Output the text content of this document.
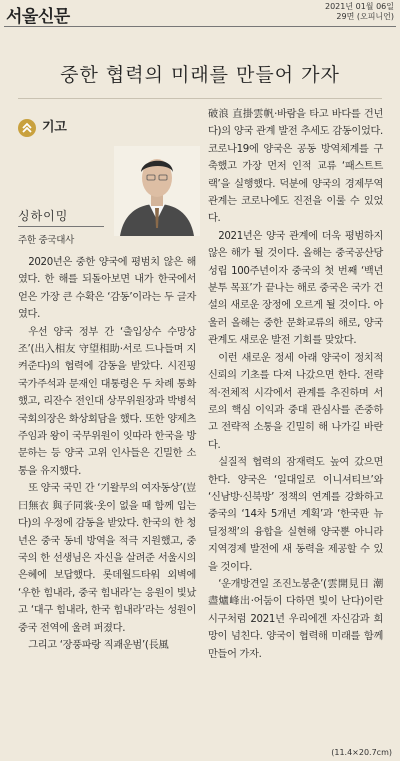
서울신문
2021년 01월 06일
29면 (오피니언)
중한 협력의 미래를 만들어 가자
기고
싱하이밍
주한 중국대사

2020년은 중한 양국에 평범치 않은 해였다. 한 해를 되돌아보면 내가 한국에서 얻은 가장 큰 수확은 ‘감동’이라는 두 글자였다.

우선 양국 정부 간 ‘출입상수 수망상조’(出入相友 守望相助·서로 드나들며 지켜준다)의 협력에 감동을 받았다. 시진핑 국가주석과 문재인 대통령은 두 차례 통화했고, 리잔수 전인대 상무위원장과 박병석 국회의장은 화상회담을 했다. 또한 양제츠 주임과 왕이 국무위원이 잇따라 한국을 방문하는 등 양국 고위 인사들은 긴밀한 소통을 유지했다.

또 양국 국민 간 ‘기왈무의 여자동상’(豈曰無衣 與子同裳·옷이 없을 때 함께 입는다)의 우정에 감동을 받았다. 한국의 한 청년은 중국 동네 방역을 적극 지원했고, 중국의 한 선생님은 자신을 살려준 서울시의 은혜에 보답했다. 롯데월드타워 외벽에 ‘우한 힘내라, 중국 힘내라’는 응원이 빛났고 ‘대구 힘내라, 한국 힘내라’라는 성원이 중국 전역에 울려 퍼졌다.

그리고 ‘장풍파랑 직괘운범’(長風

破浪 直掛雲帆·바람을 타고 바다를 건넌다)의 양국 관계 발전 추세도 감동이었다. 코로나19에 양국은 공동 방역체계를 구축했고 가장 먼저 인적 교류 ‘패스트트랙’을 실행했다. 덕분에 양국의 경제무역 관계는 코로나에도 진전을 이룰 수 있었다.

2021년은 양국 관계에 더욱 평범하지 않은 해가 될 것이다. 올해는 중국공산당 성립 100주년이자 중국의 첫 번째 ‘백년 분투 목표’가 끝나는 해로 중국은 국가 건설의 새로운 장정에 오르게 될 것이다. 아울러 올해는 중한 문화교류의 해로, 양국 관계도 새로운 발전 기회를 맞았다.

이런 새로운 정세 아래 양국이 정치적 신뢰의 기초를 다져 나갔으면 한다. 전략적·전체적 시각에서 관계를 추진하며 서로의 핵심 이익과 중대 관심사를 존중하고 전략적 소통을 긴밀히 해 나가길 바란다.

실질적 협력의 잠재력도 높여 갔으면 한다. 양국은 ‘일대일로 이니셔티브’와 ‘신남방·신북방’ 정책의 연계를 강화하고 중국의 ‘14차 5개년 계획’과 ‘한국판 뉴딜정책’의 융합을 실현해 양국뿐 아니라 지역경제 발전에 새 동력을 제공할 수 있을 것이다.

‘운개방견일 조진노봉춘’(雲開見日 潮盡爐峰出·어둠이 다하면 빛이 난다)이란 시구처럼 2021년 우리에겐 자신감과 희망이 넘친다. 양국이 협력해 미래를 함께 만들어 가자.

(11.4×20.7cm)
